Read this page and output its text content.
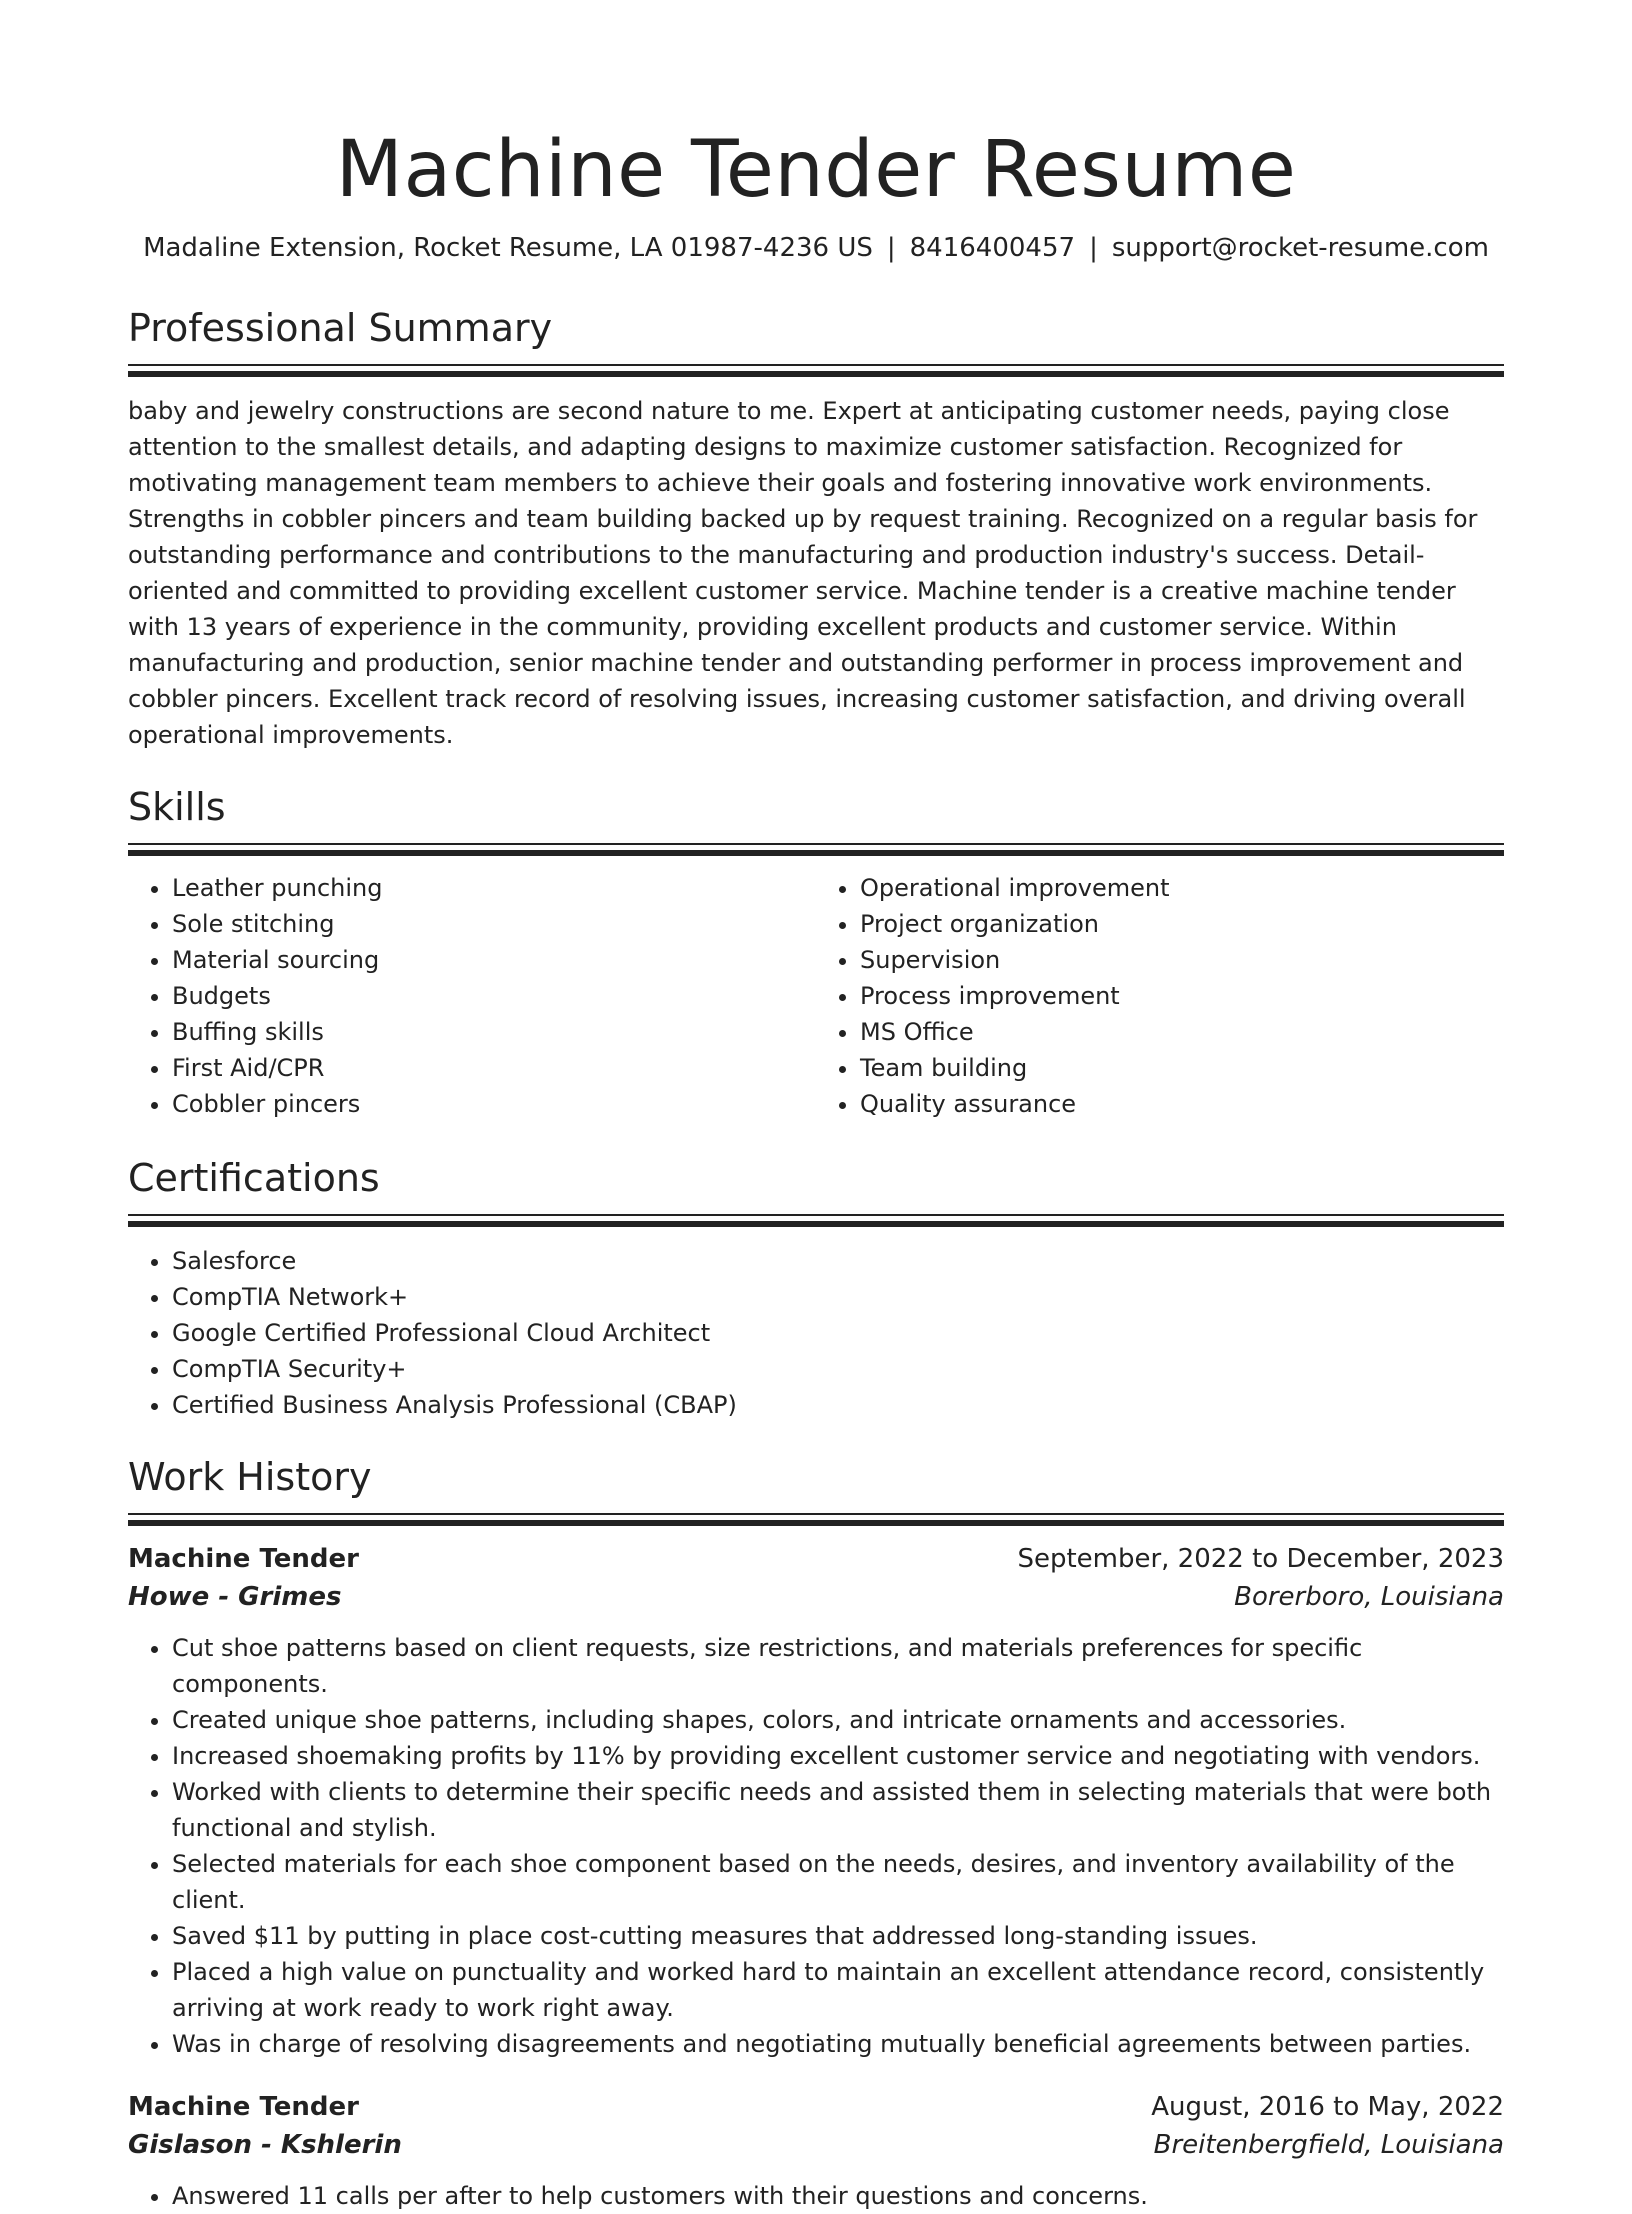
Machine Tender Resume
Madaline Extension, Rocket Resume, LA 01987-4236 US | 8416400457 | support@rocket-resume.com
Professional Summary
baby and jewelry constructions are second nature to me. Expert at anticipating customer needs, paying close attention to the smallest details, and adapting designs to maximize customer satisfaction. Recognized for motivating management team members to achieve their goals and fostering innovative work environments. Strengths in cobbler pincers and team building backed up by request training. Recognized on a regular basis for outstanding performance and contributions to the manufacturing and production industry's success. Detail-oriented and committed to providing excellent customer service. Machine tender is a creative machine tender with 13 years of experience in the community, providing excellent products and customer service. Within manufacturing and production, senior machine tender and outstanding performer in process improvement and cobbler pincers. Excellent track record of resolving issues, increasing customer satisfaction, and driving overall operational improvements.
Skills
• Leather punching
• Sole stitching
• Material sourcing
• Budgets
• Buffing skills
• First Aid/CPR
• Cobbler pincers
• Operational improvement
• Project organization
• Supervision
• Process improvement
• MS Office
• Team building
• Quality assurance
Certifications
• Salesforce
• CompTIA Network+
• Google Certified Professional Cloud Architect
• CompTIA Security+
• Certified Business Analysis Professional (CBAP)
Work History
Machine Tender	September, 2022 to December, 2023
Howe - Grimes	Borerboro, Louisiana
• Cut shoe patterns based on client requests, size restrictions, and materials preferences for specific components.
• Created unique shoe patterns, including shapes, colors, and intricate ornaments and accessories.
• Increased shoemaking profits by 11% by providing excellent customer service and negotiating with vendors.
• Worked with clients to determine their specific needs and assisted them in selecting materials that were both functional and stylish.
• Selected materials for each shoe component based on the needs, desires, and inventory availability of the client.
• Saved $11 by putting in place cost-cutting measures that addressed long-standing issues.
• Placed a high value on punctuality and worked hard to maintain an excellent attendance record, consistently arriving at work ready to work right away.
• Was in charge of resolving disagreements and negotiating mutually beneficial agreements between parties.
Machine Tender	August, 2016 to May, 2022
Gislason - Kshlerin	Breitenbergfield, Louisiana
• Answered 11 calls per after to help customers with their questions and concerns.
